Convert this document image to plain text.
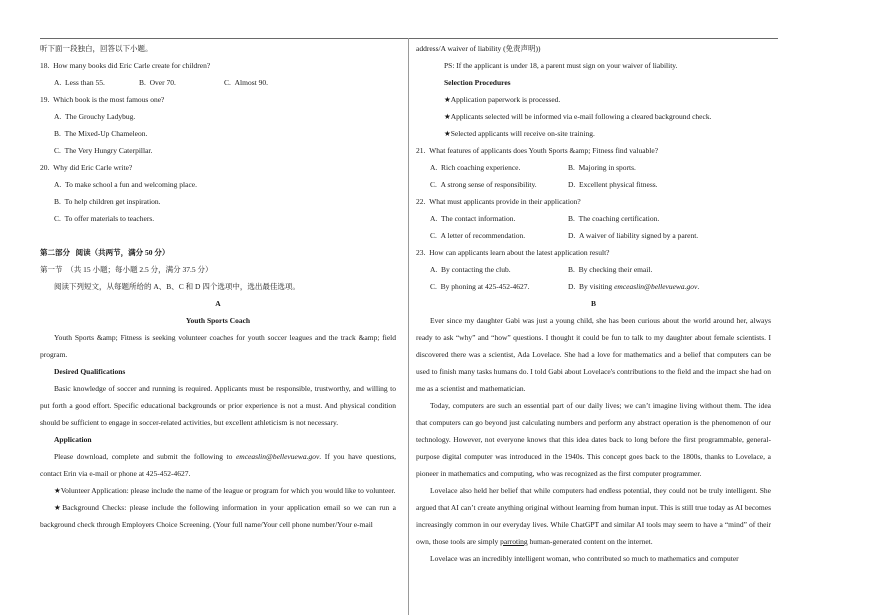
听下面一段独白，回答以下小题。
18.  How many books did Eric Carle create for children?
A.  Less than 55.	B.  Over 70.	C.  Almost 90.
19.  Which book is the most famous one?
A.  The Grouchy Ladybug.
B.  The Mixed-Up Chameleon.
C.  The Very Hungry Caterpillar.
20.  Why did Eric Carle write?
A.  To make school a fun and welcoming place.
B.  To help children get inspiration.
C.  To offer materials to teachers.
第二部分   阅读（共两节，满分 50 分）
第一节  （共 15 小题；每小题 2.5 分，满分 37.5 分）
阅读下列短文，从每题所给的 A、B、C 和 D 四个选项中，选出最佳选项。
A
Youth Sports Coach
Youth Sports &amp; Fitness is seeking volunteer coaches for youth soccer leagues and the track &amp; field program.
Desired Qualifications
Basic knowledge of soccer and running is required. Applicants must be responsible, trustworthy, and willing to put forth a good effort. Specific educational backgrounds or prior experience is not a must. And physical condition should be sufficient to engage in soccer-related activities, but excellent athleticism is not necessary.
Application
Please download, complete and submit the following to emceaslin@bellevuewa.gov. If you have questions, contact Erin via e-mail or phone at 425-452-4627.
★Volunteer Application: please include the name of the league or program for which you would like to volunteer.
★Background Checks: please include the following information in your application email so we can run a background check through Employers Choice Screening. (Your full name/Your cell phone number/Your e-mail
address/A waiver of liability (免责声明))
PS: If the applicant is under 18, a parent must sign on your waiver of liability.
Selection Procedures
★Application paperwork is processed.
★Applicants selected will be informed via e-mail following a cleared background check.
★Selected applicants will receive on-site training.
21.  What features of applicants does Youth Sports &amp; Fitness find valuable?
A.  Rich coaching experience.	B.  Majoring in sports.
C.  A strong sense of responsibility.	D.  Excellent physical fitness.
22.  What must applicants provide in their application?
A.  The contact information.	B.  The coaching certification.
C.  A letter of recommendation.	D.  A waiver of liability signed by a parent.
23.  How can applicants learn about the latest application result?
A.  By contacting the club.	B.  By checking their email.
C.  By phoning at 425-452-4627.	D.  By visiting emceaslin@bellevuewa.gov.
B
Ever since my daughter Gabi was just a young child, she has been curious about the world around her, always ready to ask “why” and “how” questions. I thought it could be fun to talk to my daughter about female scientists. I discovered there was a scientist, Ada Lovelace. She had a love for mathematics and a belief that computers can be used to finish many tasks humans do. I told Gabi about Lovelace's contributions to the field and the impact she had on me as a scientist and mathematician.
Today, computers are such an essential part of our daily lives; we can’t imagine living without them. The idea that computers can go beyond just calculating numbers and perform any abstract operation is the phenomenon of our technology. However, not everyone knows that this idea dates back to long before the first programmable, general-purpose digital computer was introduced in the 1940s. This concept goes back to the 1800s, thanks to Lovelace, a pioneer in mathematics and computing, who was recognized as the first computer programmer.
Lovelace also held her belief that while computers had endless potential, they could not be truly intelligent. She argued that AI can’t create anything original without learning from human input. This is still true today as AI becomes increasingly common in our everyday lives. While ChatGPT and similar AI tools may seem to have a “mind” of their own, those tools are simply parroting human-generated content on the internet.
Lovelace was an incredibly intelligent woman, who contributed so much to mathematics and computer
